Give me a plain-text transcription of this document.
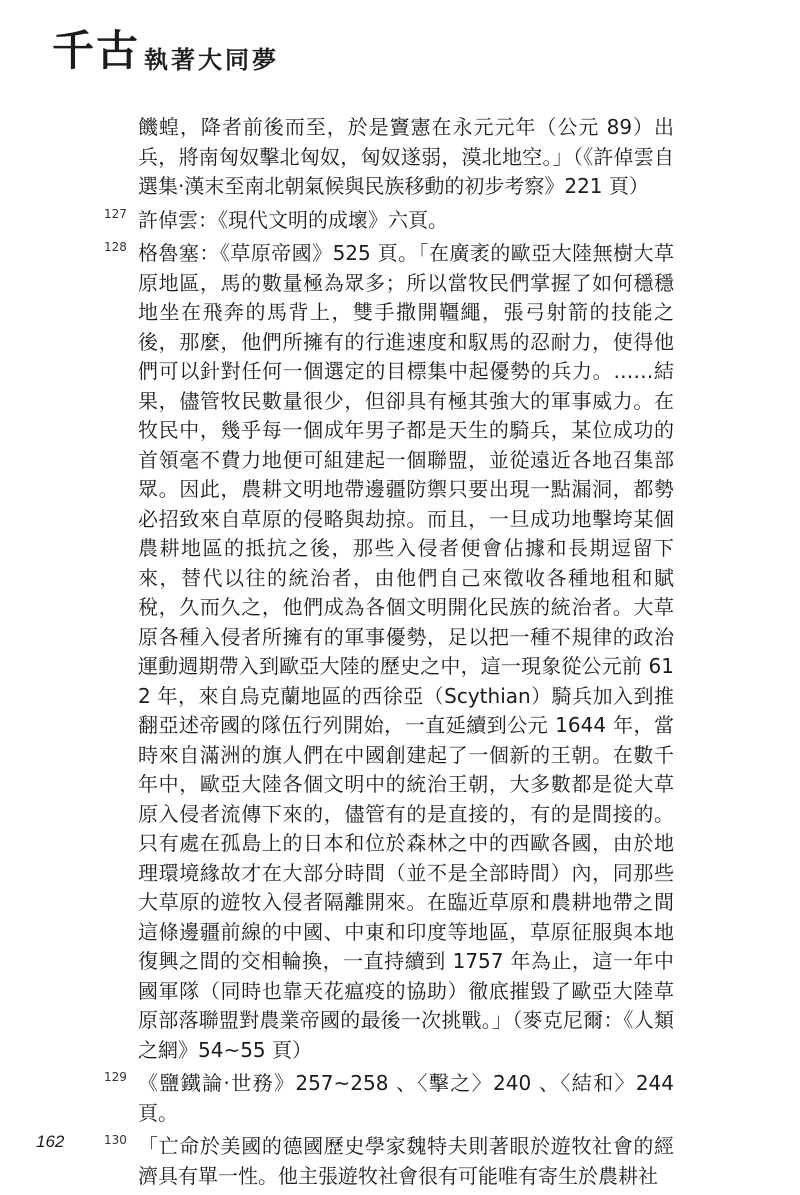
千古 執著大同夢
饑蝗，降者前後而至，於是竇憲在永元元年（公元 89）出兵，將南匈奴擊北匈奴，匈奴遂弱，漠北地空。」（《許倬雲自選集‧漢末至南北朝氣候與民族移動的初步考察》221 頁）
127 許倬雲：《現代文明的成壞》六頁。
128 格魯塞：《草原帝國》525 頁。「在廣袤的歐亞大陸無樹大草原地區，馬的數量極為眾多；所以當牧民們掌握了如何穩穩地坐在飛奔的馬背上，雙手撒開韁繩，張弓射箭的技能之後，那麼，他們所擁有的行進速度和馭馬的忍耐力，使得他們可以針對任何一個選定的目標集中起優勢的兵力。……結果，儘管牧民數量很少，但卻具有極其強大的軍事威力。在牧民中，幾乎每一個成年男子都是天生的騎兵，某位成功的首領毫不費力地便可組建起一個聯盟，並從遠近各地召集部眾。因此，農耕文明地帶邊疆防禦只要出現一點漏洞，都勢必招致來自草原的侵略與劫掠。而且，一旦成功地擊垮某個農耕地區的抵抗之後，那些入侵者便會佔據和長期逗留下來，替代以往的統治者，由他們自己來徵收各種地租和賦稅，久而久之，他們成為各個文明開化民族的統治者。大草原各種入侵者所擁有的軍事優勢，足以把一種不規律的政治運動週期帶入到歐亞大陸的歷史之中，這一現象從公元前 612 年，來自烏克蘭地區的西徐亞（Scythian）騎兵加入到推翻亞述帝國的隊伍行列開始，一直延續到公元 1644 年，當時來自滿洲的旗人們在中國創建起了一個新的王朝。在數千年中，歐亞大陸各個文明中的統治王朝，大多數都是從大草原入侵者流傳下來的，儘管有的是直接的，有的是間接的。只有處在孤島上的日本和位於森林之中的西歐各國，由於地理環境緣故才在大部分時間（並不是全部時間）內，同那些大草原的遊牧入侵者隔離開來。在臨近草原和農耕地帶之間這條邊疆前線的中國、中東和印度等地區，草原征服與本地復興之間的交相輪換，一直持續到 1757 年為止，這一年中國軍隊（同時也靠天花瘟疫的協助）徹底摧毀了歐亞大陸草原部落聯盟對農業帝國的最後一次挑戰。」（麥克尼爾：《人類之網》54~55 頁）
129 《鹽鐵論‧世務》257~258 、〈擊之〉240 、〈結和〉244 頁。
130 「亡命於美國的德國歷史學家魏特夫則著眼於遊牧社會的經濟具有單一性。他主張遊牧社會很有可能唯有寄生於農耕社
162
